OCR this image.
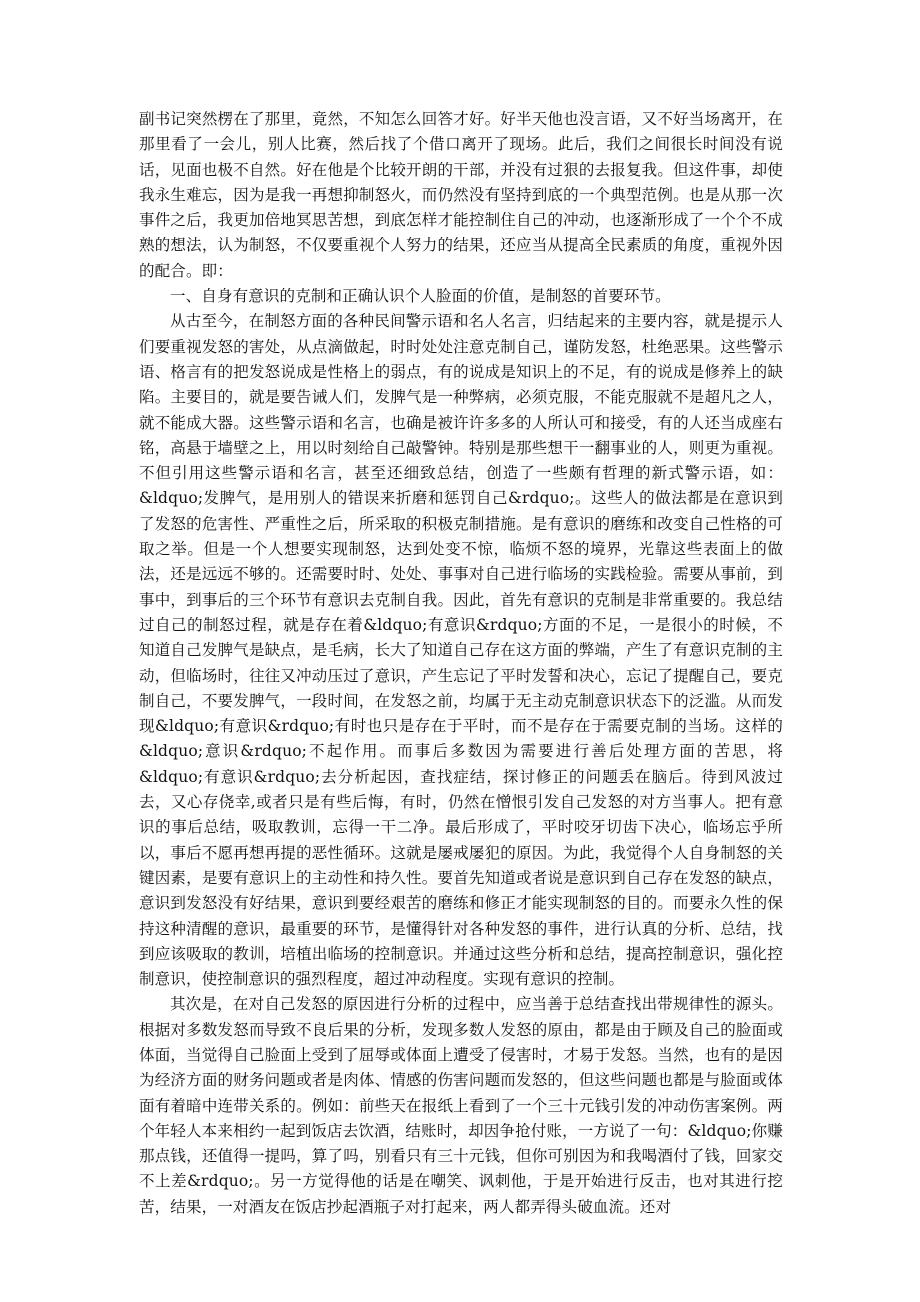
副书记突然楞在了那里，竟然，不知怎么回答才好。好半天他也没言语，又不好当场离开，在那里看了一会儿，别人比赛，然后找了个借口离开了现场。此后，我们之间很长时间没有说话，见面也极不自然。好在他是个比较开朗的干部，并没有过狠的去报复我。但这件事，却使我永生难忘，因为是我一再想抑制怒火，而仍然没有坚持到底的一个典型范例。也是从那一次事件之后，我更加倍地冥思苦想，到底怎样才能控制住自己的冲动，也逐渐形成了一个个不成熟的想法，认为制怒，不仅要重视个人努力的结果，还应当从提高全民素质的角度，重视外因的配合。即：

一、自身有意识的克制和正确认识个人脸面的价值，是制怒的首要环节。

从古至今，在制怒方面的各种民间警示语和名人名言，归结起来的主要内容，就是提示人们要重视发怒的害处，从点滴做起，时时处处注意克制自己，谨防发怒，杜绝恶果。这些警示语、格言有的把发怒说成是性格上的弱点，有的说成是知识上的不足，有的说成是修养上的缺陷。主要目的，就是要告诫人们，发脾气是一种弊病，必须克服，不能克服就不是超凡之人，就不能成大器。这些警示语和名言，也确是被许许多多的人所认可和接受，有的人还当成座右铭，高悬于墙壁之上，用以时刻给自己敲警钟。特别是那些想干一翻事业的人，则更为重视。不但引用这些警示语和名言，甚至还细致总结，创造了一些颇有哲理的新式警示语，如：&ldquo;发脾气，是用别人的错误来折磨和惩罚自己&rdquo;。这些人的做法都是在意识到了发怒的危害性、严重性之后，所采取的积极克制措施。是有意识的磨练和改变自己性格的可取之举。但是一个人想要实现制怒，达到处变不惊，临烦不怒的境界，光靠这些表面上的做法，还是远远不够的。还需要时时、处处、事事对自己进行临场的实践检验。需要从事前，到事中，到事后的三个环节有意识去克制自我。因此，首先有意识的克制是非常重要的。我总结过自己的制怒过程，就是存在着&ldquo;有意识&rdquo;方面的不足，一是很小的时候，不知道自己发脾气是缺点，是毛病，长大了知道自己存在这方面的弊端，产生了有意识克制的主动，但临场时，往往又冲动压过了意识，产生忘记了平时发誓和决心，忘记了提醒自己，要克制自己，不要发脾气，一段时间，在发怒之前，均属于无主动克制意识状态下的泛滥。从而发现&ldquo;有意识&rdquo;有时也只是存在于平时，而不是存在于需要克制的当场。这样的&ldquo;意识&rdquo;不起作用。而事后多数因为需要进行善后处理方面的苦思，将&ldquo;有意识&rdquo;去分析起因，查找症结，探讨修正的问题丢在脑后。待到风波过去，又心存侥幸,或者只是有些后悔，有时，仍然在憎恨引发自己发怒的对方当事人。把有意识的事后总结，吸取教训，忘得一干二净。最后形成了，平时咬牙切齿下决心，临场忘乎所以，事后不愿再想再提的恶性循环。这就是屡戒屡犯的原因。为此，我觉得个人自身制怒的关键因素，是要有意识上的主动性和持久性。要首先知道或者说是意识到自己存在发怒的缺点，意识到发怒没有好结果，意识到要经艰苦的磨练和修正才能实现制怒的目的。而要永久性的保持这种清醒的意识，最重要的环节，是懂得针对各种发怒的事件，进行认真的分析、总结，找到应该吸取的教训，培植出临场的控制意识。并通过这些分析和总结，提高控制意识，强化控制意识，使控制意识的强烈程度，超过冲动程度。实现有意识的控制。

其次是，在对自己发怒的原因进行分析的过程中，应当善于总结查找出带规律性的源头。根据对多数发怒而导致不良后果的分析，发现多数人发怒的原由，都是由于顾及自己的脸面或体面，当觉得自己脸面上受到了屈辱或体面上遭受了侵害时，才易于发怒。当然，也有的是因为经济方面的财务问题或者是肉体、情感的伤害问题而发怒的，但这些问题也都是与脸面或体面有着暗中连带关系的。例如：前些天在报纸上看到了一个三十元钱引发的冲动伤害案例。两个年轻人本来相约一起到饭店去饮酒，结账时，却因争抢付账，一方说了一句：&ldquo;你赚那点钱，还值得一提吗，算了吗，别看只有三十元钱，但你可别因为和我喝酒付了钱，回家交不上差&rdquo;。另一方觉得他的话是在嘲笑、讽刺他，于是开始进行反击，也对其进行挖苦，结果，一对酒友在饭店抄起酒瓶子对打起来，两人都弄得头破血流。还对
